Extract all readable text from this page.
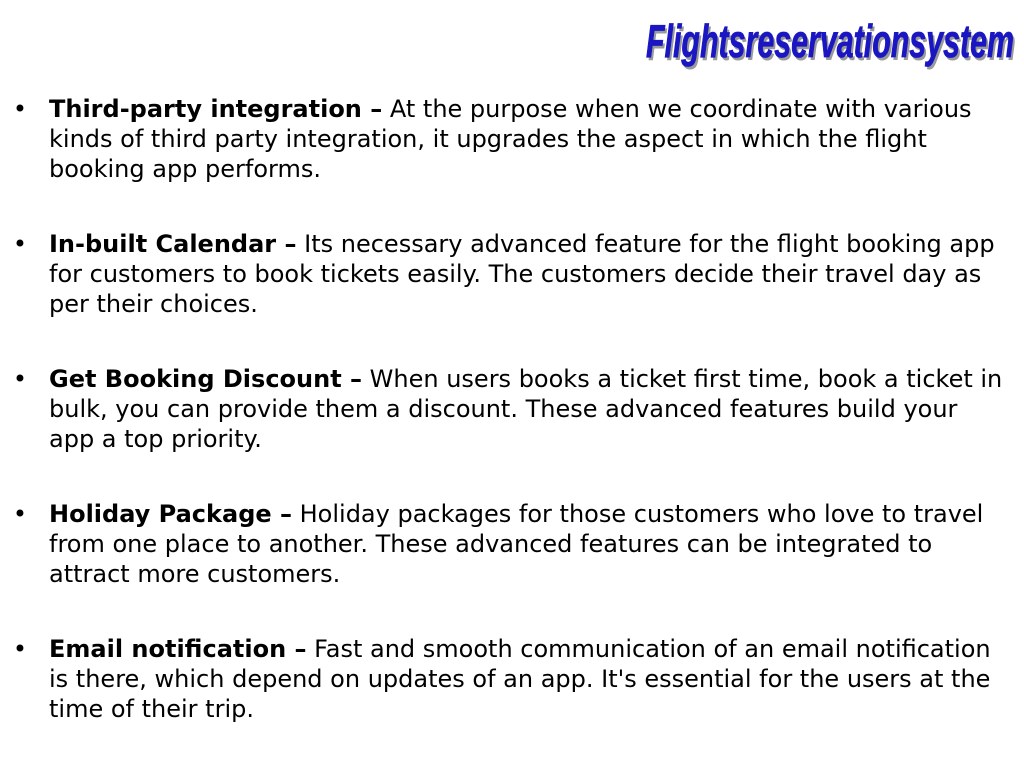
Flightsreservationsystem
Flightsreservationsystem
• Third-party integration – At the purpose when we coordinate with various kinds of third party integration, it upgrades the aspect in which the flight booking app performs.
• In-built Calendar – Its necessary advanced feature for the flight booking app for customers to book tickets easily. The customers decide their travel day as per their choices.
• Get Booking Discount – When users books a ticket first time, book a ticket in bulk, you can provide them a discount. These advanced features build your app a top priority.
• Holiday Package – Holiday packages for those customers who love to travel from one place to another. These advanced features can be integrated to attract more customers.
• Email notification – Fast and smooth communication of an email notification is there, which depend on updates of an app. It's essential for the users at the time of their trip.
